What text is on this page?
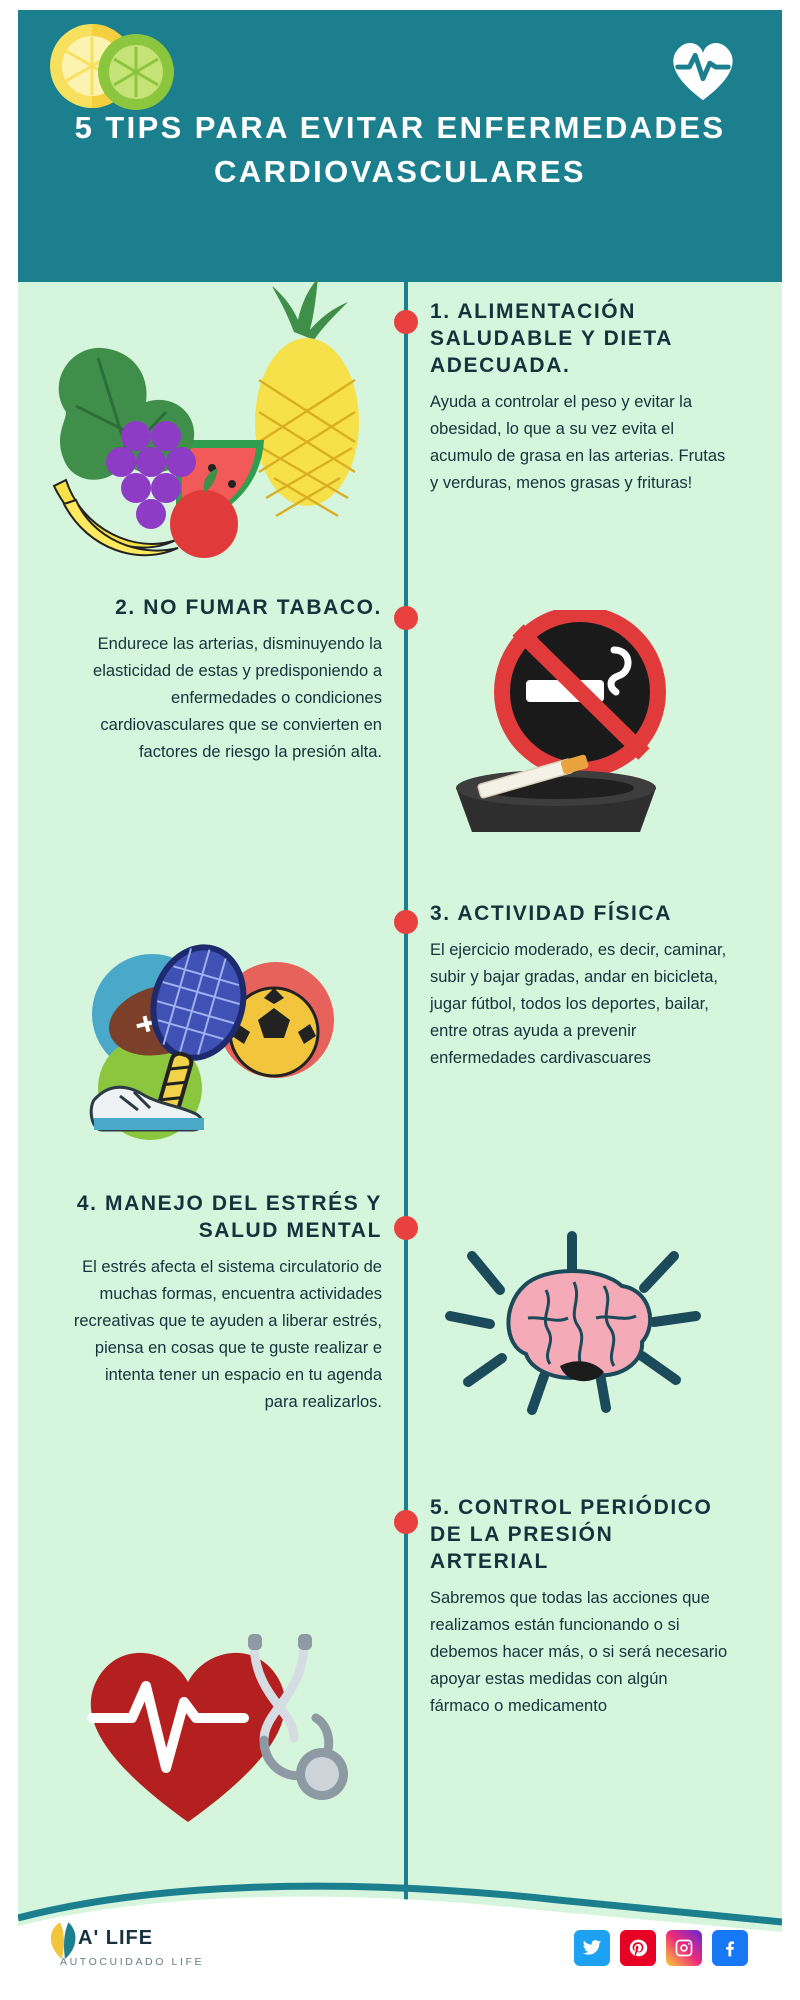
5 TIPS PARA EVITAR ENFERMEDADES CARDIOVASCULARES
1. ALIMENTACIÓN SALUDABLE Y DIETA ADECUADA.

Ayuda a controlar el peso y evitar la obesidad, lo que a su vez evita el acumulo de grasa en las arterias. Frutas y verduras, menos grasas y frituras!

2. NO FUMAR TABACO.

Endurece las arterias, disminuyendo la elasticidad de estas y predisponiendo a enfermedades o condiciones cardiovasculares que se convierten en factores de riesgo la presión alta.

3. ACTIVIDAD FÍSICA

El ejercicio moderado, es decir, caminar, subir y bajar gradas, andar en bicicleta, jugar fútbol, todos los deportes, bailar, entre otras ayuda a prevenir enfermedades cardivascuares

4. MANEJO DEL ESTRÉS Y SALUD MENTAL

El estrés afecta el sistema circulatorio de muchas formas, encuentra actividades recreativas que te ayuden a liberar estrés, piensa en cosas que te guste realizar e intenta tener un espacio en tu agenda para realizarlos.

5. CONTROL PERIÓDICO DE LA PRESIÓN ARTERIAL

Sabremos que todas las acciones que realizamos están funcionando o si debemos hacer más, o si será necesario apoyar estas medidas con algún fármaco o medicamento

A' LIFE
AUTOCUIDADO LIFE
